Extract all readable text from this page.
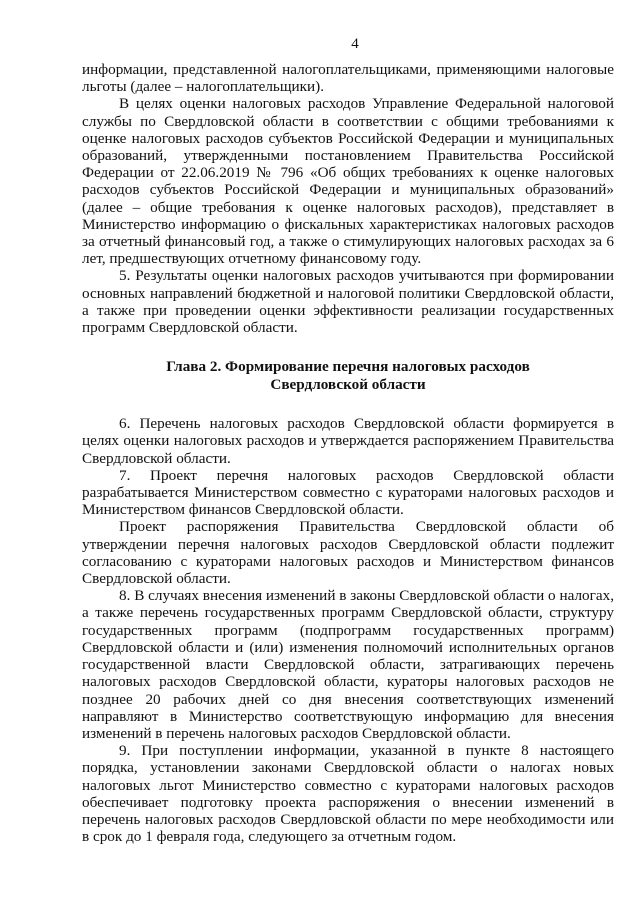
4

информации, представленной налогоплательщиками, применяющими налоговые льготы (далее – налогоплательщики).

В целях оценки налоговых расходов Управление Федеральной налоговой службы по Свердловской области в соответствии с общими требованиями к оценке налоговых расходов субъектов Российской Федерации и муниципальных образований, утвержденными постановлением Правительства Российской Федерации от 22.06.2019 № 796 «Об общих требованиях к оценке налоговых расходов субъектов Российской Федерации и муниципальных образований» (далее – общие требования к оценке налоговых расходов), представляет в Министерство информацию о фискальных характеристиках налоговых расходов за отчетный финансовый год, а также о стимулирующих налоговых расходах за 6 лет, предшествующих отчетному финансовому году.

5. Результаты оценки налоговых расходов учитываются при формировании основных направлений бюджетной и налоговой политики Свердловской области, а также при проведении оценки эффективности реализации государственных программ Свердловской области.

Глава 2. Формирование перечня налоговых расходов
Свердловской области

6. Перечень налоговых расходов Свердловской области формируется в целях оценки налоговых расходов и утверждается распоряжением Правительства Свердловской области.

7. Проект перечня налоговых расходов Свердловской области разрабатывается Министерством совместно с кураторами налоговых расходов и Министерством финансов Свердловской области.

Проект распоряжения Правительства Свердловской области об утверждении перечня налоговых расходов Свердловской области подлежит согласованию с кураторами налоговых расходов и Министерством финансов Свердловской области.

8. В случаях внесения изменений в законы Свердловской области о налогах, а также перечень государственных программ Свердловской области, структуру государственных программ (подпрограмм государственных программ) Свердловской области и (или) изменения полномочий исполнительных органов государственной власти Свердловской области, затрагивающих перечень налоговых расходов Свердловской области, кураторы налоговых расходов не позднее 20 рабочих дней со дня внесения соответствующих изменений направляют в Министерство соответствующую информацию для внесения изменений в перечень налоговых расходов Свердловской области.

9. При поступлении информации, указанной в пункте 8 настоящего порядка, установлении законами Свердловской области о налогах новых налоговых льгот Министерство совместно с кураторами налоговых расходов обеспечивает подготовку проекта распоряжения о внесении изменений в перечень налоговых расходов Свердловской области по мере необходимости или в срок до 1 февраля года, следующего за отчетным годом.
